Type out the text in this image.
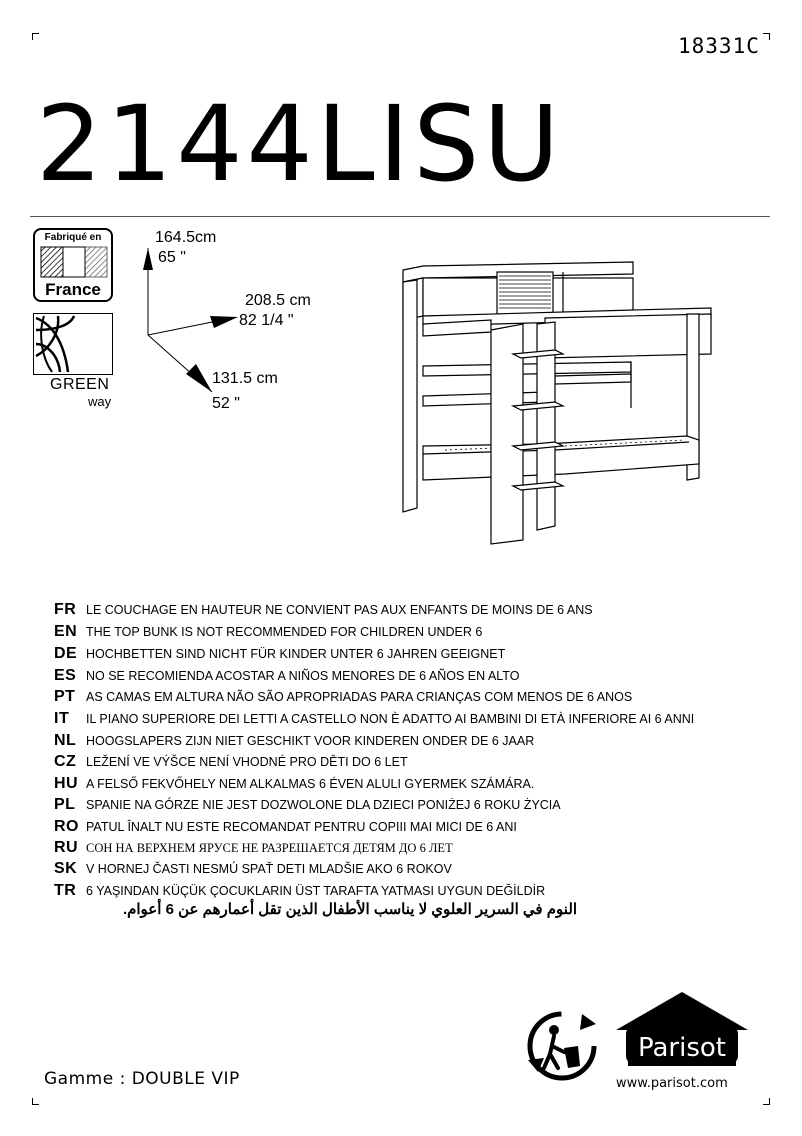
18331C
2144LISU
Fabriqué en
France
GREEN
way
164.5cm
65 "
208.5 cm
82 1/4 "
131.5 cm
52 "
FR LE COUCHAGE EN HAUTEUR NE CONVIENT PAS AUX ENFANTS DE MOINS DE 6 ANS
EN THE TOP BUNK IS NOT RECOMMENDED FOR CHILDREN UNDER 6
DE HOCHBETTEN SIND NICHT FÜR KINDER UNTER 6 JAHREN GEEIGNET
ES NO SE RECOMIENDA ACOSTAR A NIÑOS MENORES DE 6 AÑOS EN ALTO
PT AS CAMAS EM ALTURA NÃO SÃO APROPRIADAS PARA CRIANÇAS COM MENOS DE 6 ANOS
IT	IL PIANO SUPERIORE DEI LETTI A CASTELLO NON È ADATTO AI BAMBINI DI ETÀ INFERIORE AI 6 ANNI
NL HOOGSLAPERS ZIJN NIET GESCHIKT VOOR KINDEREN ONDER DE 6 JAAR
CZ LEŽENÍ VE VÝŠCE NENÍ VHODNÉ PRO DĚTI DO 6 LET
HU A FELSŐ FEKVŐHELY NEM ALKALMAS 6 ÉVEN ALULI GYERMEK SZÁMÁRA.
PL SPANIE NA GÓRZE NIE JEST DOZWOLONE DLA DZIECI PONIŻEJ 6 ROKU ŻYCIA
RO PATUL ÎNALT NU ESTE RECOMANDAT PENTRU COPIII MAI MICI DE 6 ANI
RU СОН НА ВЕРХНЕМ ЯРУСЕ НЕ РАЗРЕШАЕТСЯ ДЕТЯМ ДО 6 ЛЕТ
SK V HORNEJ ČASTI NESMÚ SPAŤ DETI MLADŠIE AKO 6 ROKOV
TR 6 YAŞINDAN KÜÇÜK ÇOCUKLARIN ÜST TARAFTA YATMASI UYGUN DEĞİLDİR
النوم في السرير العلوي لا يناسب الأطفال الذين تقل أعمارهم عن 6 أعوام.
Gamme : DOUBLE VIP
Parisot
www.parisot.com
